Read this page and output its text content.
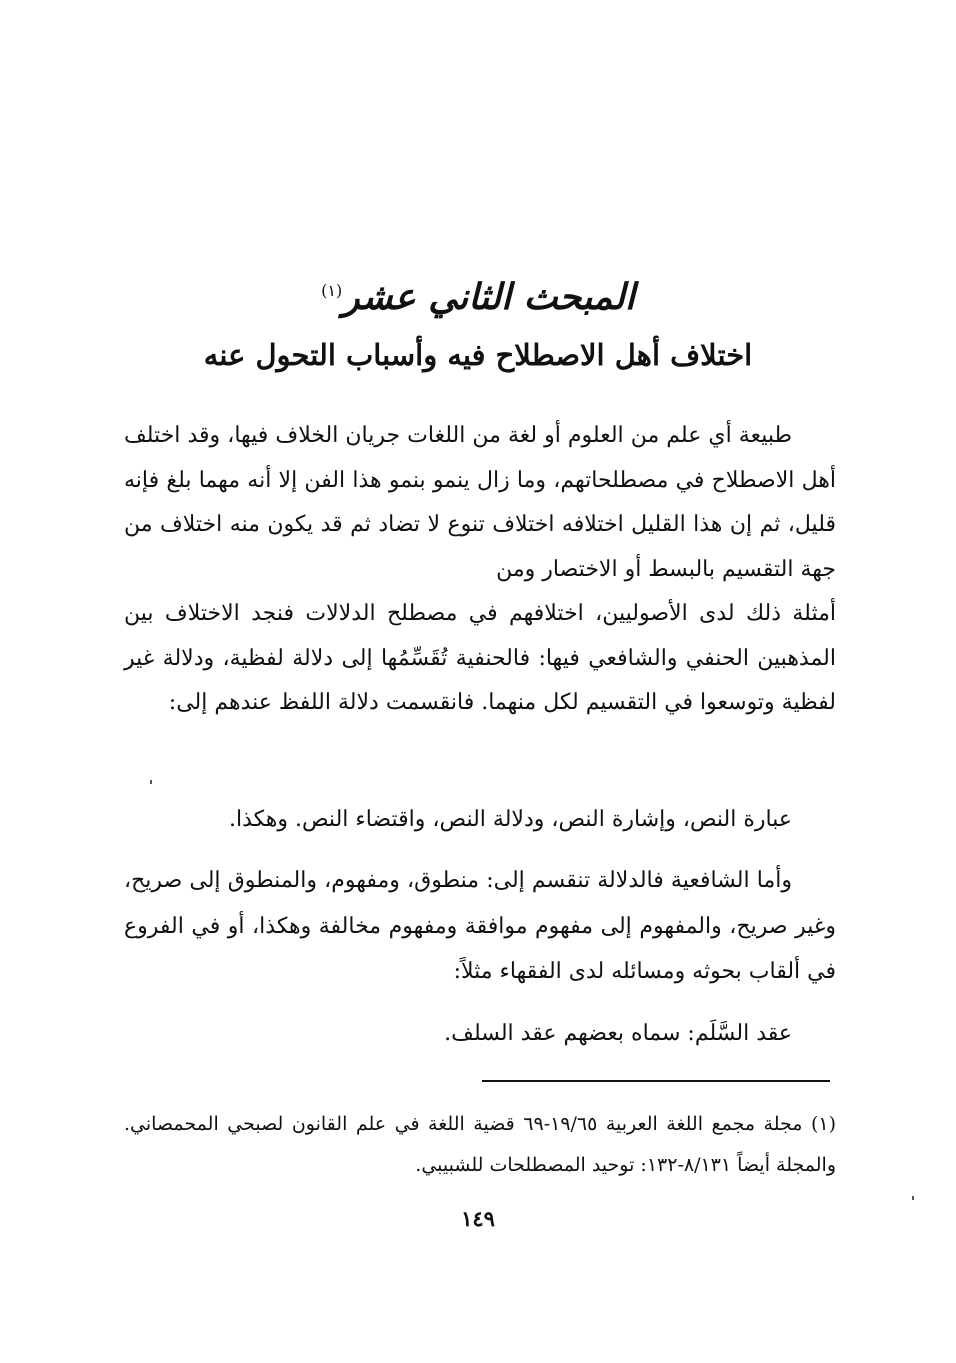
المبحث الثاني عشر$^{(١)}$
اختلاف أهل الاصطلاح فيه وأسباب التحول عنه

طبيعة أي علم من العلوم أو لغة من اللغات جريان الخلاف فيها، وقد اختلف أهل الاصطلاح في مصطلحاتهم، وما زال ينمو بنمو هذا الفن إلا أنه مهما بلغ فإنه قليل، ثم إن هذا القليل اختلافه اختلاف تنوع لا تضاد ثم قد يكون منه اختلاف من جهة التقسيم بالبسط أو الاختصار ومن

أمثلة ذلك لدى الأصوليين، اختلافهم في مصطلح الدلالات فنجد الاختلاف بين المذهبين الحنفي والشافعي فيها: فالحنفية تُقَسِّمُها إلى دلالة لفظية، ودلالة غير لفظية وتوسعوا في التقسيم لكل منهما. فانقسمت دلالة اللفظ عندهم إلى:

عبارة النص، وإشارة النص، ودلالة النص، واقتضاء النص. وهكذا.

وأما الشافعية فالدلالة تنقسم إلى: منطوق، ومفهوم، والمنطوق إلى صريح، وغير صريح، والمفهوم إلى مفهوم موافقة ومفهوم مخالفة وهكذا، أو في الفروع في ألقاب بحوثه ومسائله لدى الفقهاء مثلاً:

عقد السَّلَم: سماه بعضهم عقد السلف.

(١) مجلة مجمع اللغة العربية ١٩/٦٥-٦٩ قضية اللغة في علم القانون لصبحي المحمصاني. والمجلة أيضاً ٨/١٣١-١٣٢: توحيد المصطلحات للشبيبي.

١٤٩
